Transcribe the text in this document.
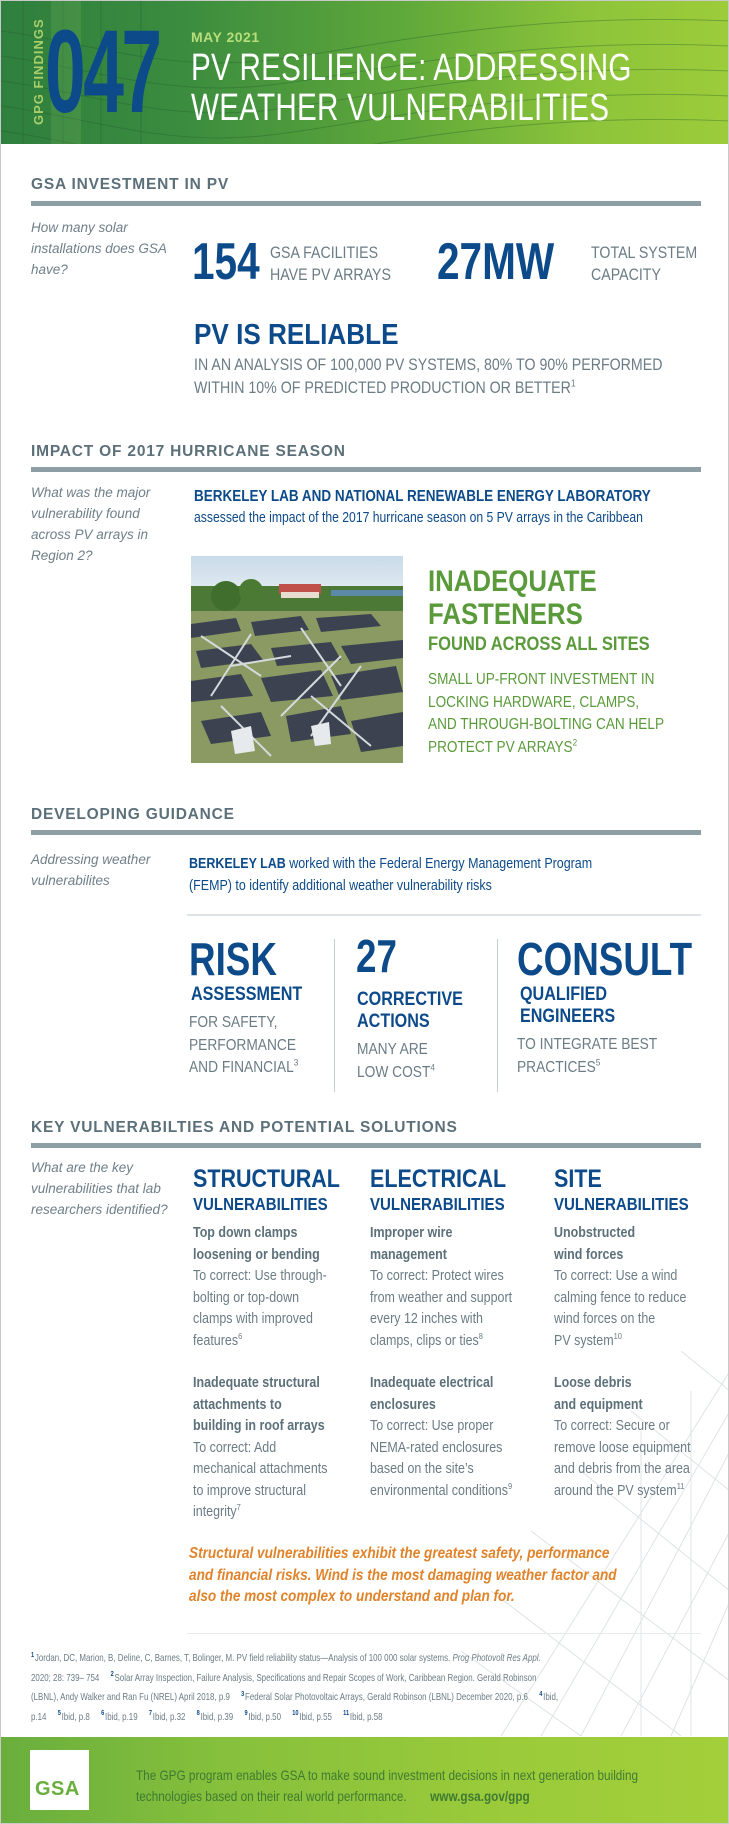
GPG FINDINGS 047 MAY 2021
PV RESILIENCE: ADDRESSING
WEATHER VULNERABILITIES
GSA INVESTMENT IN PV
How many solar installations does GSA have?	154 GSA FACILITIES
HAVE PV ARRAYS 27MW TOTAL SYSTEM
CAPACITY
PV IS RELIABLE
IN AN ANALYSIS OF 100,000 PV SYSTEMS, 80% TO 90% PERFORMED
WITHIN 10% OF PREDICTED PRODUCTION OR BETTER$^1$
IMPACT OF 2017 HURRICANE SEASON
What was the major vulnerability found across PV arrays in Region 2?
BERKELEY LAB AND NATIONAL RENEWABLE ENERGY LABORATORY
assessed the impact of the 2017 hurricane season on 5 PV arrays in the Caribbean
INADEQUATE
FASTENERS
FOUND ACROSS ALL SITES
SMALL UP-FRONT INVESTMENT IN
LOCKING HARDWARE, CLAMPS,
AND THROUGH-BOLTING CAN HELP
PROTECT PV ARRAYS$^2$
DEVELOPING GUIDANCE
Addressing weather vulnerabilites
BERKELEY LAB worked with the Federal Energy Management Program
(FEMP) to identify additional weather vulnerability risks
RISK
ASSESSMENT
FOR SAFETY,
PERFORMANCE
AND FINANCIAL$^3$
27
CORRECTIVE
ACTIONS
MANY ARE
LOW COST$^4$
CONSULT
QUALIFIED
ENGINEERS
TO INTEGRATE BEST
PRACTICES$^5$
KEY VULNERABILTIES AND POTENTIAL SOLUTIONS
What are the key vulnerabilities that lab researchers identified?
STRUCTURAL
VULNERABILITIES
ELECTRICAL
VULNERABILITIES
SITE
VULNERABILITIES
Top down clamps
loosening or bending
To correct: Use through-
bolting or top-down
clamps with improved
features$^6$
Inadequate structural
attachments to
building in roof arrays
To correct: Add
mechanical attachments
to improve structural
integrity$^7$
Improper wire
management
To correct: Protect wires
from weather and support
every 12 inches with
clamps, clips or ties$^8$
Inadequate electrical
enclosures
To correct: Use proper
NEMA-rated enclosures
based on the site’s
environmental conditions$^9$
Unobstructed
wind forces
To correct: Use a wind
calming fence to reduce
wind forces on the
PV system$^{10}$
Loose debris
and equipment
To correct: Secure or
remove loose equipment
and debris from the area
around the PV system$^{11}$
Structural vulnerabilities exhibit the greatest safety, performance
and financial risks. Wind is the most damaging weather factor and
also the most complex to understand and plan for.
$^1$Jordan, DC, Marion, B, Deline, C, Barnes, T, Bolinger, M. PV field reliability status—Analysis of 100 000 solar systems. Prog Photovolt Res Appl.
2020; 28: 739– 754 $^2$Solar Array Inspection, Failure Analysis, Specifications and Repair Scopes of Work, Caribbean Region. Gerald Robinson
(LBNL), Andy Walker and Ran Fu (NREL) April 2018, p.9 $^3$Federal Solar Photovoltaic Arrays, Gerald Robinson (LBNL) December 2020, p.6 $^4$Ibid,
p.14 $^5$Ibid, p.8 $^6$Ibid, p.19 $^7$Ibid, p.32 $^8$Ibid, p.39 $^9$Ibid, p.50 $^{10}$Ibid, p.55 $^{11}$Ibid, p.58
GSA
The GPG program enables GSA to make sound investment decisions in next generation building
technologies based on their real world performance. www.gsa.gov/gpg
